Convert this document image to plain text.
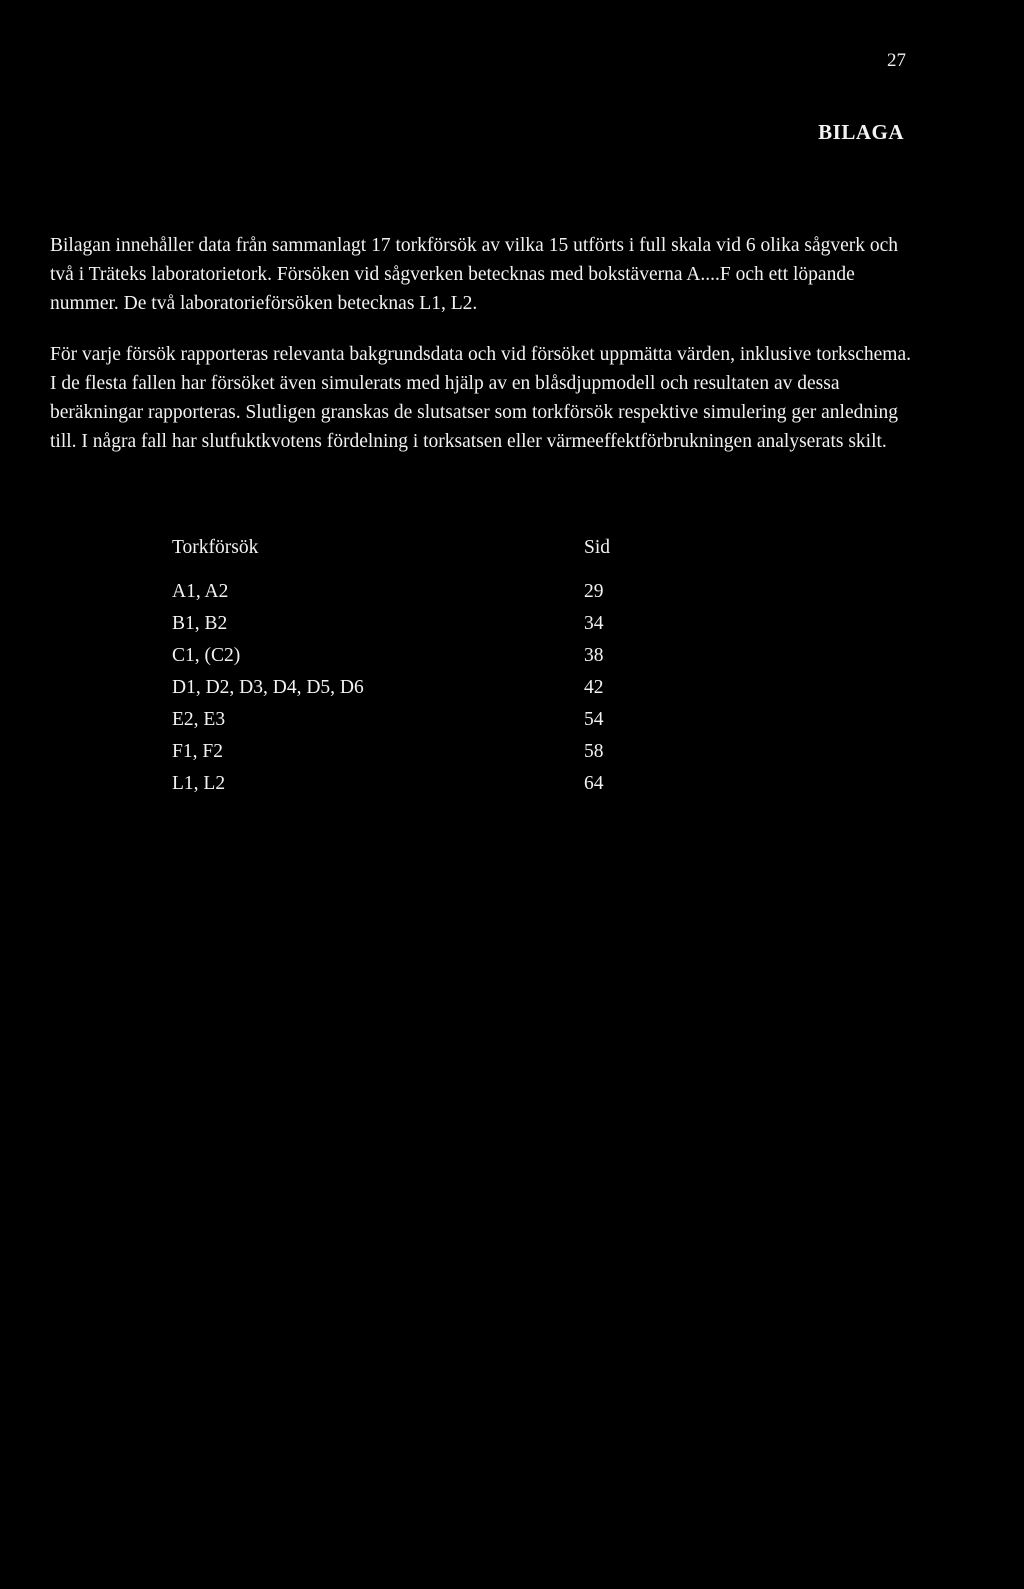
27
BILAGA

Bilagan innehåller data från sammanlagt 17 torkförsök av vilka 15 utförts i full skala vid 6 olika sågverk och två i Träteks laboratorietork. Försöken vid sågverken betecknas med bokstäverna A....F och ett löpande nummer. De två laboratorieförsöken betecknas L1, L2.

För varje försök rapporteras relevanta bakgrundsdata och vid försöket uppmätta värden, inklusive torkschema. I de flesta fallen har försöket även simulerats med hjälp av en blåsdjupmodell och resultaten av dessa beräkningar rapporteras. Slutligen granskas de slutsatser som torkförsök respektive simulering ger anledning till. I några fall har slutfuktkvotens fördelning i torksatsen eller värmeeffektförbrukningen analyserats skilt.

Torkförsök	Sid
A1, A2	29
B1, B2	34
C1, (C2)	38
D1, D2, D3, D4, D5, D6	42
E2, E3	54
F1, F2	58
L1, L2	64
